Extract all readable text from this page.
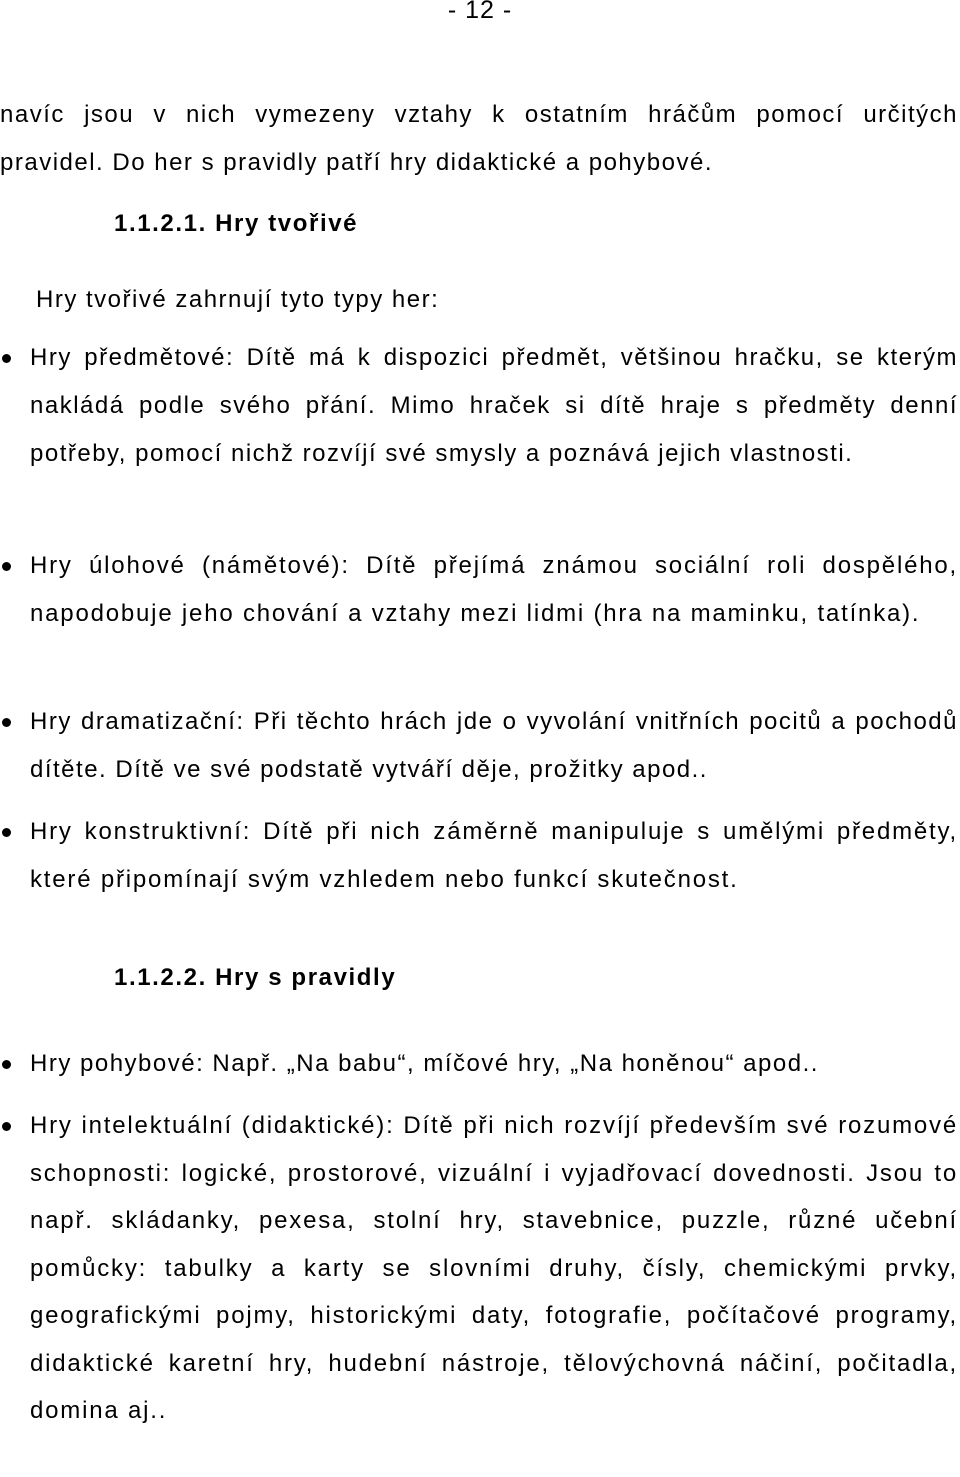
- 12 -

navíc jsou v nich vymezeny vztahy k ostatním hráčům pomocí určitých pravidel. Do her s pravidly patří hry didaktické a pohybové.

1.1.2.1. Hry tvořivé

Hry tvořivé zahrnují tyto typy her:

Hry předmětové: Dítě má k dispozici předmět, většinou hračku, se kterým nakládá podle svého přání. Mimo hraček si dítě hraje s předměty denní potřeby, pomocí nichž rozvíjí své smysly a poznává jejich vlastnosti.

Hry úlohové (námětové): Dítě přejímá známou sociální roli dospělého, napodobuje jeho chování a vztahy mezi lidmi (hra na maminku, tatínka).

Hry dramatizační: Při těchto hrách jde o vyvolání vnitřních pocitů a pochodů dítěte. Dítě ve své podstatě vytváří děje, prožitky apod..

Hry konstruktivní: Dítě při nich záměrně manipuluje s umělými předměty, které připomínají svým vzhledem nebo funkcí skutečnost.

1.1.2.2. Hry s pravidly

Hry pohybové: Např. „Na babu“, míčové hry, „Na honěnou“ apod..

Hry intelektuální (didaktické): Dítě při nich rozvíjí především své rozumové schopnosti: logické, prostorové, vizuální i vyjadřovací dovednosti. Jsou to např. skládanky, pexesa, stolní hry, stavebnice, puzzle, různé učební pomůcky: tabulky a karty se slovními druhy, čísly, chemickými prvky, geografickými pojmy, historickými daty, fotografie, počítačové programy, didaktické karetní hry, hudební nástroje, tělovýchovná náčiní, počitadla, domina aj..
